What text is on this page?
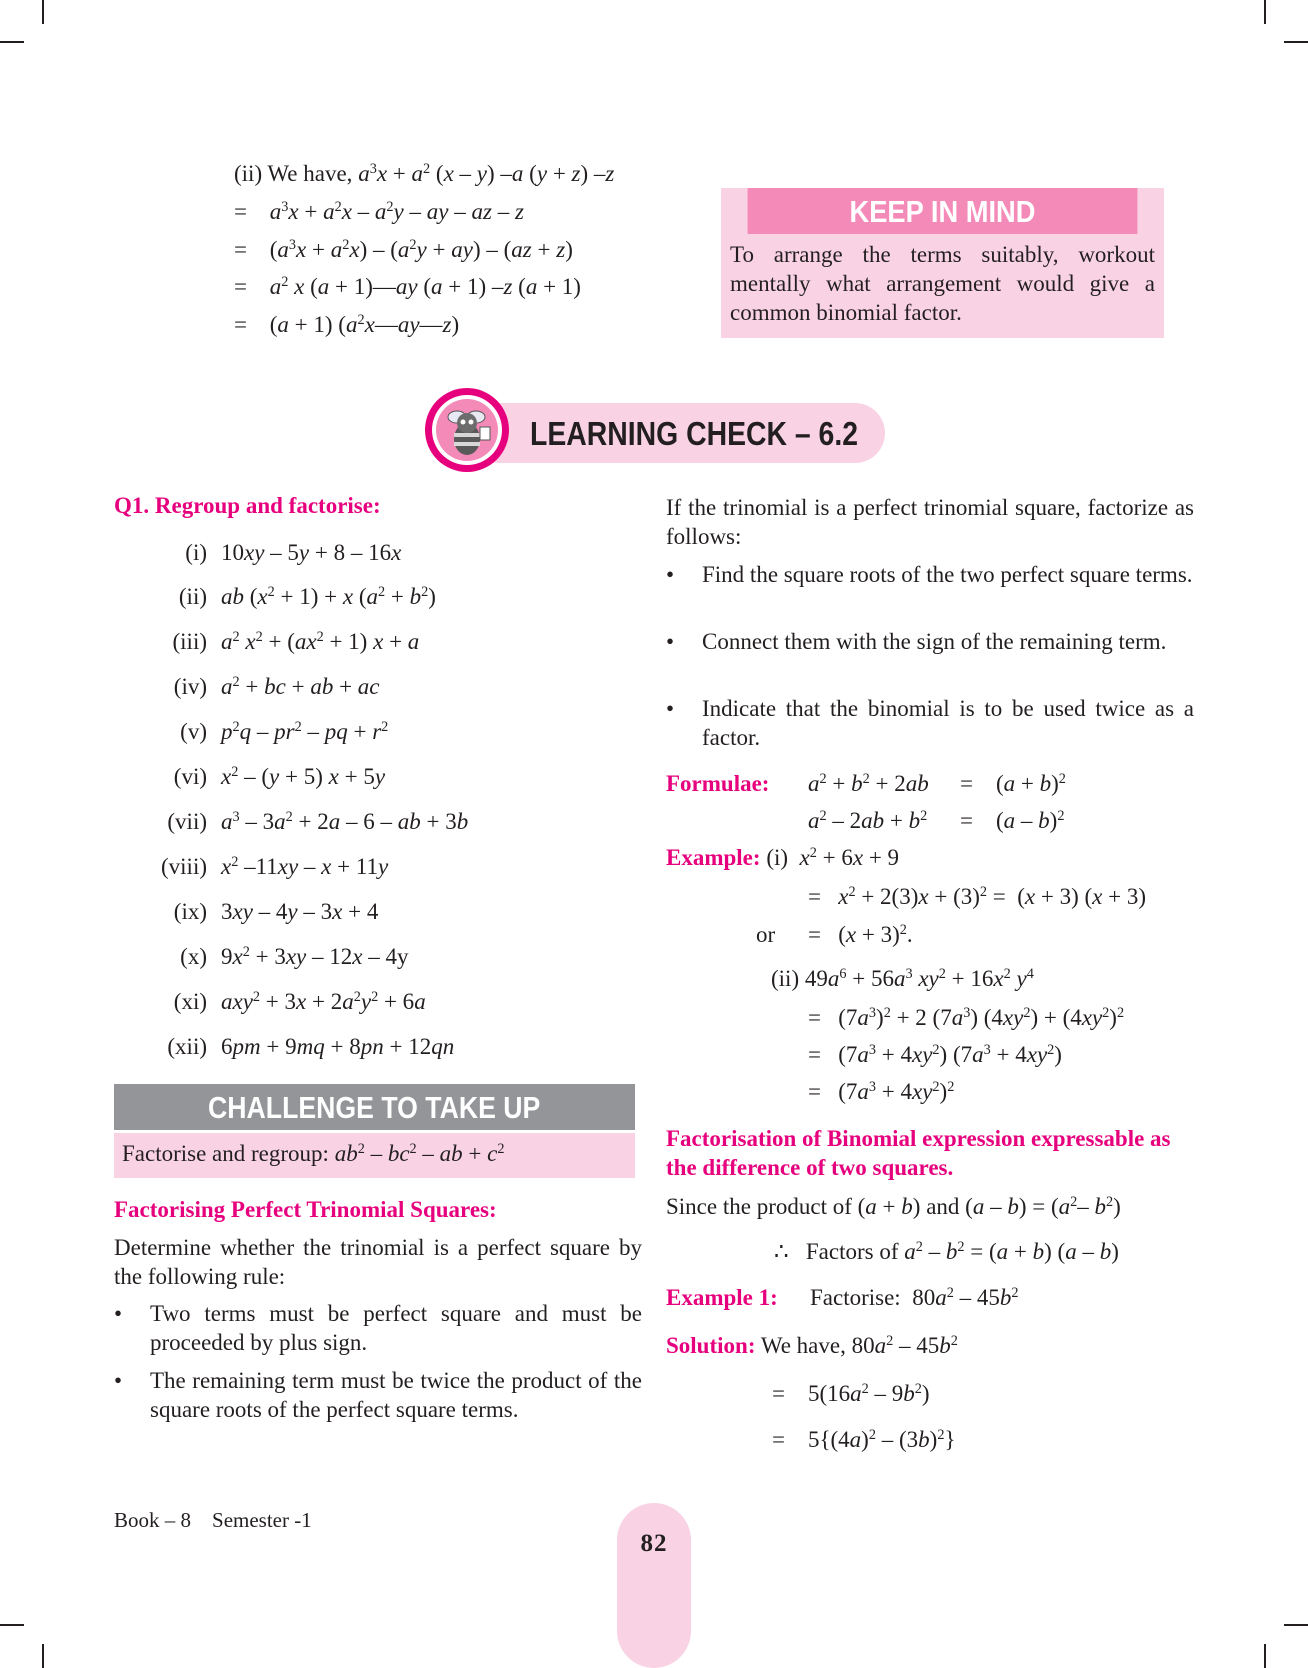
(ii) We have, $a^3x + a^2$ (x – y) –a (y + z) –z
= $a^3x + a^2x - a^2y$ – ay – az – z
= $(a^3x + a^2x) - (a^2y + ay) - (az + z)$
= $a^2$ x (a + 1)—ay (a + 1) –z (a + 1)
= (a + 1) $(a^2x—ay—z)$
KEEP IN MIND
To arrange the terms suitably, workout mentally what arrangement would give a common binomial factor.
LEARNING CHECK – 6.2
Q1. Regroup and factorise:
(i) 10xy – 5y + 8 – 16x
(ii) ab $(x^2 + 1) + x$ $(a^2 + b^2)$
(iii) $a^2$ $x^2 + (ax^2 + 1) x + a$
(iv) $a^2$ + bc + ab + ac
(v) $p^2q - pr^2$ – pq + $r^2$
(vi) $x^2 - (y + 5) x + 5y$
(vii) $a^3 - 3a^2 + 2a - 6$ – ab + 3b
(viii) $x^2$ –11xy – x + 11y
(ix) 3xy – 4y – 3x + 4
(x) $9x^2 + 3xy - 12x - 4y$
(xi) $axy^2 + 3x + 2a^2y^2 + 6a$
(xii) 6pm + 9mq + 8pn + 12qn
CHALLENGE TO TAKE UP
Factorise and regroup: $ab^2 - bc^2$ – ab + $c^2$
Factorising Perfect Trinomial Squares:
Determine whether the trinomial is a perfect square by the following rule:
• Two terms must be perfect square and must be proceeded by plus sign.
• The remaining term must be twice the product of the square roots of the perfect square terms.
If the trinomial is a perfect trinomial square, factorize as follows:
• Find the square roots of the two perfect square terms.
• Connect them with the sign of the remaining term.
• Indicate that the binomial is to be used twice as a factor.
Formulae: $a^2 + b^2 + 2ab$ =    $(a + b)^2$
$a^2 - 2ab + b^2$ =    (a – b)$^2$
Example: (i) $x^2 + 6x + 9$
=   $x^2 + 2(3)x + (3)^2 = (x + 3) (x + 3)$
or =   $(x + 3)^2$.
(ii) $49a^6 + 56a^3$ $xy^2 + 16x^2$ $y^4$
=   $(7a^3)^2 + 2$ $(7a^3) (4xy^2) + (4xy^2)^2$
=   $(7a^3 + 4xy^2) (7a^3 + 4xy^2)$
=   $(7a^3 + 4xy^2)^2$
Factorisation of Binomial expression expressable as the difference of two squares.
Since the product of (a + b) and $(a - b) = (a^2-$ $b^2$)
∴ Factors of $a^2 - b^2 = (a + b)$ (a – b)
Example 1: Factorise:  $80a^2 - 45b^2$
Solution: We have, $80a^2 - 45b^2$
=    $5(16a^2 - 9b^2)$
=    $5\{(4a)^2 - (3b)^2\}$
Book – 8 Semester -1
82
